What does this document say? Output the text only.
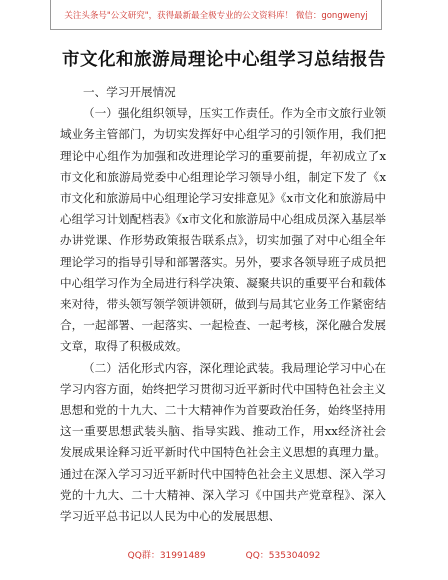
关注头条号"公文研究"，获得最新最全极专业的公文资料库！ 微信：gongwenyj
市文化和旅游局理论中心组学习总结报告

一、学习开展情况

（一）强化组织领导，压实工作责任。作为全市文旅行业领域业务主管部门，为切实发挥好中心组学习的引领作用，我们把理论中心组作为加强和改进理论学习的重要前提，年初成立了x市文化和旅游局党委中心组理论学习领导小组，制定下发了《x市文化和旅游局中心组理论学习安排意见》《x市文化和旅游局中心组学习计划配档表》《x市文化和旅游局中心组成员深入基层举办讲党课、作形势政策报告联系点》，切实加强了对中心组全年理论学习的指导引导和部署落实。另外，要求各领导班子成员把中心组学习作为全局进行科学决策、凝聚共识的重要平台和载体来对待，带头领写领学领讲领研，做到与局其它业务工作紧密结合，一起部署、一起落实、一起检查、一起考核，深化融合发展文章，取得了积极成效。

（二）活化形式内容，深化理论武装。我局理论学习中心在学习内容方面，始终把学习贯彻习近平新时代中国特色社会主义思想和党的十九大、二十大精神作为首要政治任务，始终坚持用这一重要思想武装头脑、指导实践、推动工作，用xx经济社会发展成果诠释习近平新时代中国特色社会主义思想的真理力量。通过在深入学习习近平新时代中国特色社会主义思想、深入学习党的十九大、二十大精神、深入学习《中国共产党章程》、深入学习近平总书记以人民为中心的发展思想、

QQ群：31991489	QQ：535304092
